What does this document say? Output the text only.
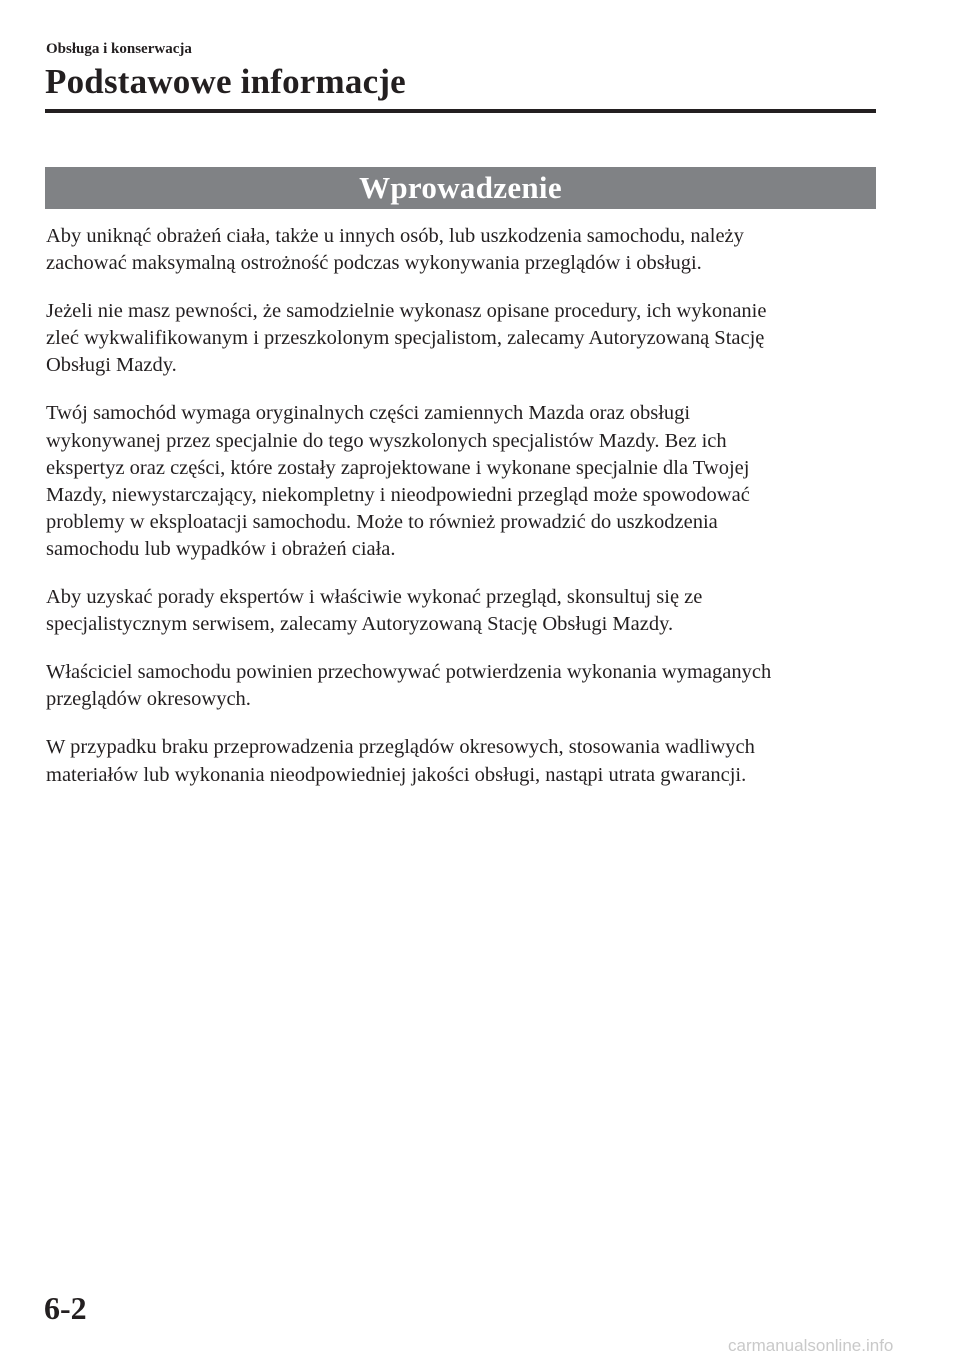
Obsługa i konserwacja
Podstawowe informacje
Wprowadzenie

Aby uniknąć obrażeń ciała, także u innych osób, lub uszkodzenia samochodu, należy
zachować maksymalną ostrożność podczas wykonywania przeglądów i obsługi.

Jeżeli nie masz pewności, że samodzielnie wykonasz opisane procedury, ich wykonanie
zleć wykwalifikowanym i przeszkolonym specjalistom, zalecamy Autoryzowaną Stację
Obsługi Mazdy.

Twój samochód wymaga oryginalnych części zamiennych Mazda oraz obsługi
wykonywanej przez specjalnie do tego wyszkolonych specjalistów Mazdy. Bez ich
ekspertyz oraz części, które zostały zaprojektowane i wykonane specjalnie dla Twojej
Mazdy, niewystarczający, niekompletny i nieodpowiedni przegląd może spowodować
problemy w eksploatacji samochodu. Może to również prowadzić do uszkodzenia
samochodu lub wypadków i obrażeń ciała.

Aby uzyskać porady ekspertów i właściwie wykonać przegląd, skonsultuj się ze
specjalistycznym serwisem, zalecamy Autoryzowaną Stację Obsługi Mazdy.

Właściciel samochodu powinien przechowywać potwierdzenia wykonania wymaganych
przeglądów okresowych.

W przypadku braku przeprowadzenia przeglądów okresowych, stosowania wadliwych
materiałów lub wykonania nieodpowiedniej jakości obsługi, nastąpi utrata gwarancji.

6-2
carmanualsonline.info
